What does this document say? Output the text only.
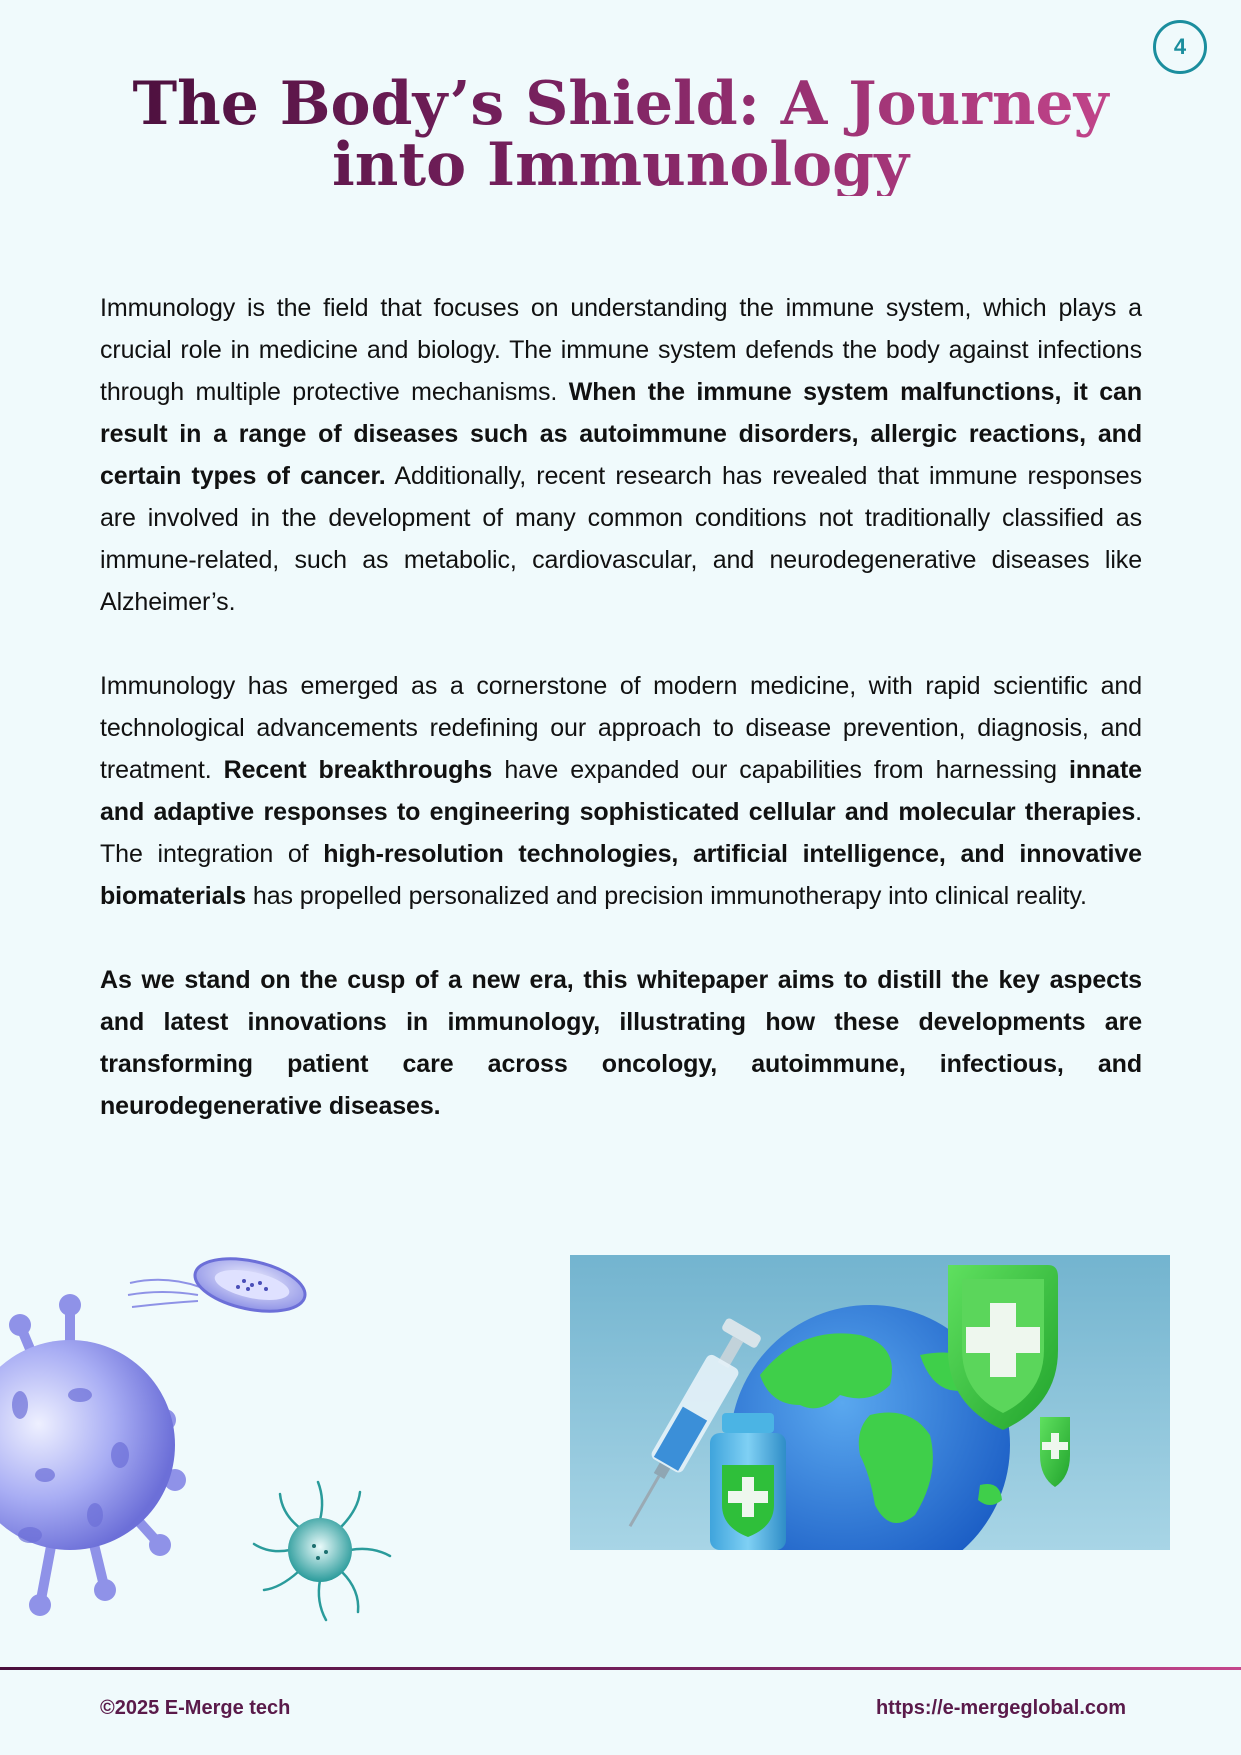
4
The Body’s Shield: A Journey into Immunology

Immunology is the field that focuses on understanding the immune system, which plays a crucial role in medicine and biology. The immune system defends the body against infections through multiple protective mechanisms. When the immune system malfunctions, it can result in a range of diseases such as autoimmune disorders, allergic reactions, and certain types of cancer. Additionally, recent research has revealed that immune responses are involved in the development of many common conditions not traditionally classified as immune-related, such as metabolic, cardiovascular, and neurodegenerative diseases like Alzheimer’s.

Immunology has emerged as a cornerstone of modern medicine, with rapid scientific and technological advancements redefining our approach to disease prevention, diagnosis, and treatment. Recent breakthroughs have expanded our capabilities from harnessing innate and adaptive responses to engineering sophisticated cellular and molecular therapies. The integration of high-resolution technologies, artificial intelligence, and innovative biomaterials has propelled personalized and precision immunotherapy into clinical reality.

As we stand on the cusp of a new era, this whitepaper aims to distill the key aspects and latest innovations in immunology, illustrating how these developments are transforming patient care across oncology, autoimmune, infectious, and neurodegenerative diseases.

©2025 E-Merge tech	https://e-mergeglobal.com
